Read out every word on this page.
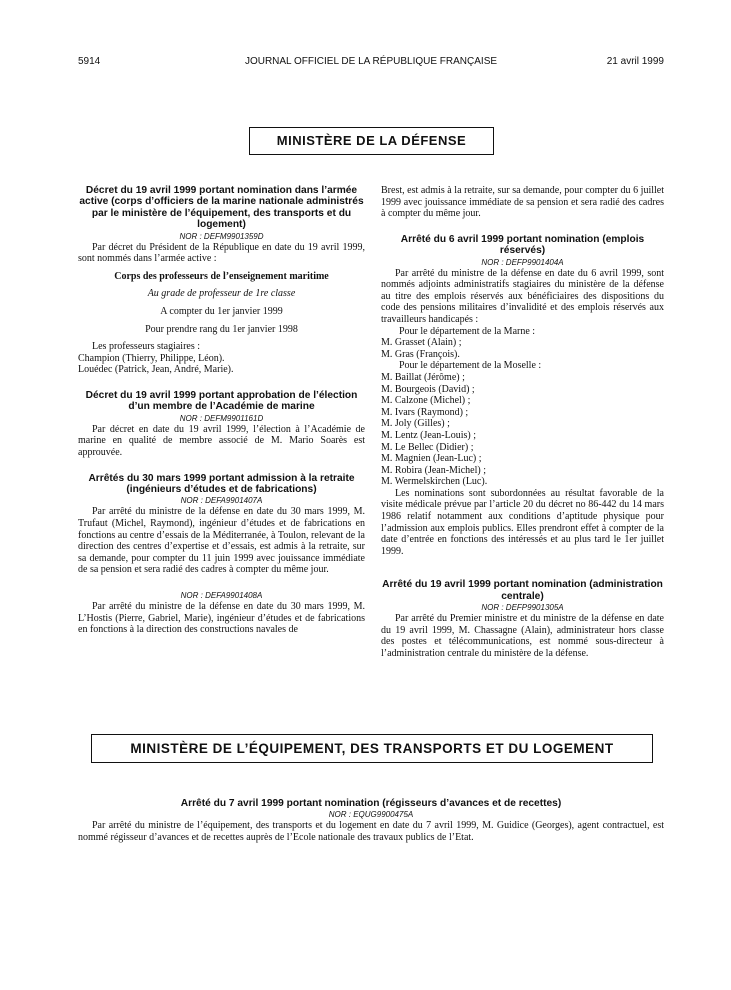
5914	JOURNAL OFFICIEL DE LA RÉPUBLIQUE FRANÇAISE	21 avril 1999
MINISTÈRE DE LA DÉFENSE

Décret du 19 avril 1999 portant nomination dans l’armée active (corps d’officiers de la marine nationale administrés par le ministère de l’équipement, des transports et du logement)

NOR : DEFM9901359D

Par décret du Président de la République en date du 19 avril 1999, sont nommés dans l’armée active :

Corps des professeurs de l’enseignement maritime

Au grade de professeur de 1re classe

A compter du 1er janvier 1999

Pour prendre rang du 1er janvier 1998

Les professeurs stagiaires :

Champion (Thierry, Philippe, Léon).

Louédec (Patrick, Jean, André, Marie).

Décret du 19 avril 1999 portant approbation de l’élection d’un membre de l’Académie de marine

NOR : DEFM9901161D

Par décret en date du 19 avril 1999, l’élection à l’Académie de marine en qualité de membre associé de M. Mario Soarès est approuvée.

Arrêtés du 30 mars 1999 portant admission à la retraite (ingénieurs d’études et de fabrications)

NOR : DEFA9901407A

Par arrêté du ministre de la défense en date du 30 mars 1999, M. Trufaut (Michel, Raymond), ingénieur d’études et de fabrications en fonctions au centre d’essais de la Méditerranée, à Toulon, relevant de la direction des centres d’expertise et d’essais, est admis à la retraite, sur sa demande, pour compter du 11 juin 1999 avec jouissance immédiate de sa pension et sera radié des cadres à compter du même jour.

NOR : DEFA9901408A

Par arrêté du ministre de la défense en date du 30 mars 1999, M. L’Hostis (Pierre, Gabriel, Marie), ingénieur d’études et de fabrications en fonctions à la direction des constructions navales de

Brest, est admis à la retraite, sur sa demande, pour compter du 6 juillet 1999 avec jouissance immédiate de sa pension et sera radié des cadres à compter du même jour.

Arrêté du 6 avril 1999 portant nomination (emplois réservés)

NOR : DEFP9901404A

Par arrêté du ministre de la défense en date du 6 avril 1999, sont nommés adjoints administratifs stagiaires du ministère de la défense au titre des emplois réservés aux bénéficiaires des dispositions du code des pensions militaires d’invalidité et des emplois réservés aux travailleurs handicapés :

Pour le département de la Marne :

M. Grasset (Alain) ;
M. Gras (François).

Pour le département de la Moselle :

M. Baillat (Jérôme) ;
M. Bourgeois (David) ;
M. Calzone (Michel) ;
M. Ivars (Raymond) ;
M. Joly (Gilles) ;
M. Lentz (Jean-Louis) ;
M. Le Bellec (Didier) ;
M. Magnien (Jean-Luc) ;
M. Robira (Jean-Michel) ;
M. Wermelskirchen (Luc).

Les nominations sont subordonnées au résultat favorable de la visite médicale prévue par l’article 20 du décret no 86-442 du 14 mars 1986 relatif notamment aux conditions d’aptitude physique pour l’admission aux emplois publics. Elles prendront effet à compter de la date d’entrée en fonctions des intéressés et au plus tard le 1er juillet 1999.

Arrêté du 19 avril 1999 portant nomination (administration centrale)

NOR : DEFP9901305A

Par arrêté du Premier ministre et du ministre de la défense en date du 19 avril 1999, M. Chassagne (Alain), administrateur hors classe des postes et télécommunications, est nommé sous-directeur à l’administration centrale du ministère de la défense.

MINISTÈRE DE L’ÉQUIPEMENT, DES TRANSPORTS ET DU LOGEMENT

Arrêté du 7 avril 1999 portant nomination (régisseurs d’avances et de recettes)

NOR : EQUG9900475A

Par arrêté du ministre de l’équipement, des transports et du logement en date du 7 avril 1999, M. Guidice (Georges), agent contractuel, est nommé régisseur d’avances et de recettes auprès de l’Ecole nationale des travaux publics de l’Etat.
